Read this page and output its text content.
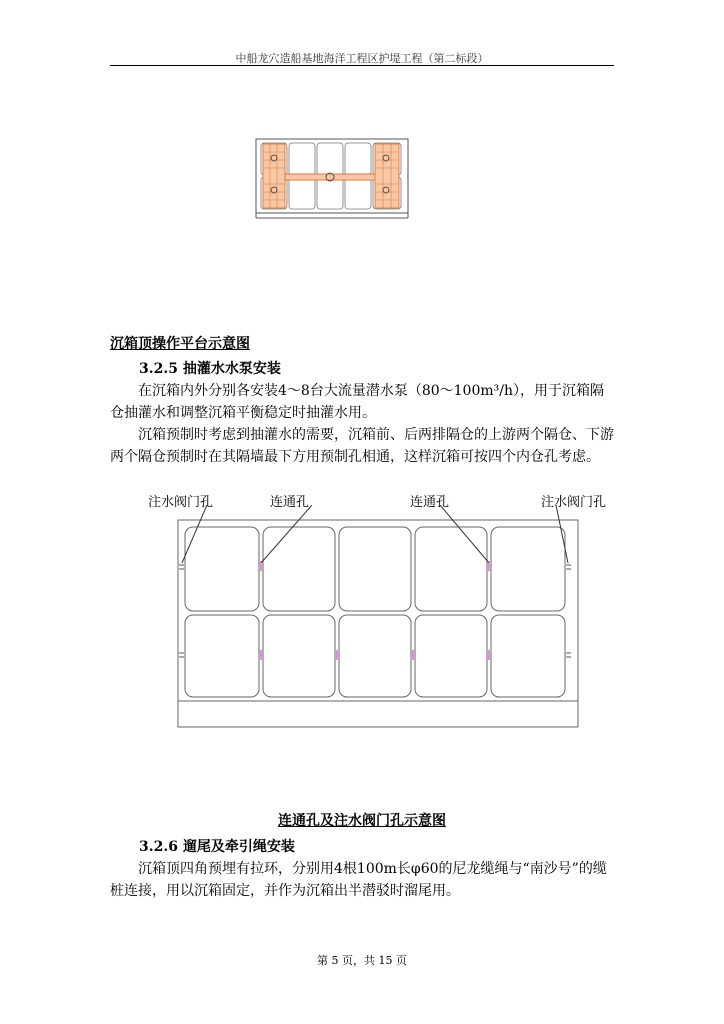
中船龙穴造船基地海洋工程区护堤工程（第二标段）
沉箱顶操作平台示意图
3.2.5 抽灌水水泵安装
在沉箱内外分别各安装4～8台大流量潜水泵（80～100m³/h），用于沉箱隔仓抽灌水和调整沉箱平衡稳定时抽灌水用。
沉箱预制时考虑到抽灌水的需要，沉箱前、后两排隔仓的上游两个隔仓、下游两个隔仓预制时在其隔墙最下方用预制孔相通，这样沉箱可按四个内仓孔考虑。
注水阀门孔	连通孔	连通孔	注水阀门孔
连通孔及注水阀门孔示意图
3.2.6 遛尾及牵引绳安装
沉箱顶四角预埋有拉环，分别用4根100m长φ60的尼龙缆绳与“南沙号”的缆桩连接，用以沉箱固定，并作为沉箱出半潜驳时溜尾用。
第 5 页，共 15 页
